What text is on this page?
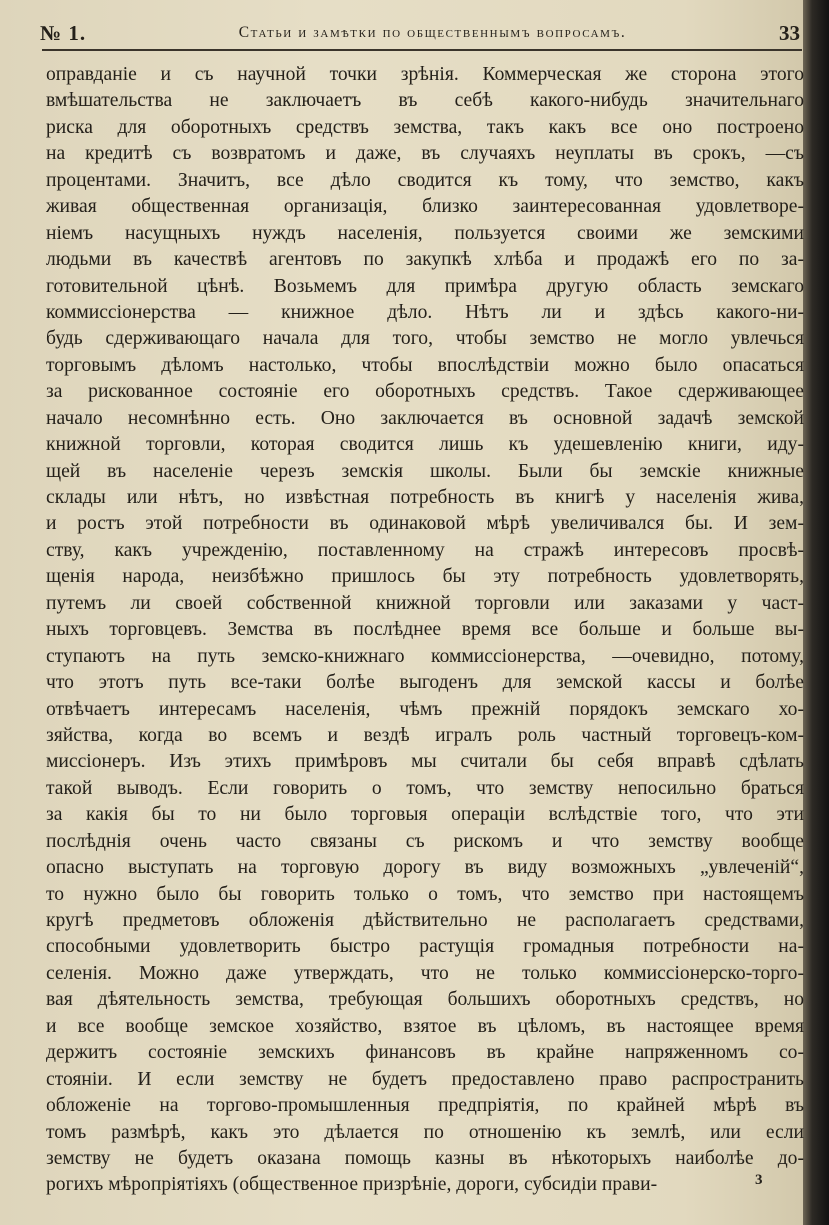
№ 1.	Статьи и замѣтки по общественнымъ вопросамъ.	33
оправданіе и съ научной точки зрѣнія. Коммерческая же сторона этого
вмѣшательства не заключаетъ въ себѣ какого-нибудь значительнаго
риска для оборотныхъ средствъ земства, такъ какъ все оно построено
на кредитѣ съ возвратомъ и даже, въ случаяхъ неуплаты въ срокъ, —съ
процентами. Значитъ, все дѣло сводится къ тому, что земство, какъ
живая общественная организація, близко заинтересованная удовлетворе-
ніемъ насущныхъ нуждъ населенія, пользуется своими же земскими
людьми въ качествѣ агентовъ по закупкѣ хлѣба и продажѣ его по за-
готовительной цѣнѣ. Возьмемъ для примѣра другую область земскаго
коммиссіонерства — книжное дѣло. Нѣтъ ли и здѣсь какого-ни-
будь сдерживающаго начала для того, чтобы земство не могло увлечься
торговымъ дѣломъ настолько, чтобы впослѣдствіи можно было опасаться
за рискованное состояніе его оборотныхъ средствъ. Такое сдерживающее
начало несомнѣнно есть. Оно заключается въ основной задачѣ земской
книжной торговли, которая сводится лишь къ удешевленію книги, иду-
щей въ населеніе черезъ земскія школы. Были бы земскіе книжные
склады или нѣтъ, но извѣстная потребность въ книгѣ у населенія жива,
и ростъ этой потребности въ одинаковой мѣрѣ увеличивался бы. И зем-
ству, какъ учрежденію, поставленному на стражѣ интересовъ просвѣ-
щенія народа, неизбѣжно пришлось бы эту потребность удовлетворять,
путемъ ли своей собственной книжной торговли или заказами у част-
ныхъ торговцевъ. Земства въ послѣднее время все больше и больше вы-
ступаютъ на путь земско-книжнаго коммиссіонерства, —очевидно, потому,
что этотъ путь все-таки болѣе выгоденъ для земской кассы и болѣе
отвѣчаетъ интересамъ населенія, чѣмъ прежній порядокъ земскаго хо-
зяйства, когда во всемъ и вездѣ игралъ роль частный торговецъ-ком-
миссіонеръ. Изъ этихъ примѣровъ мы считали бы себя вправѣ сдѣлать
такой выводъ. Если говорить о томъ, что земству непосильно браться
за какія бы то ни было торговыя операціи вслѣдствіе того, что эти
послѣднія очень часто связаны съ рискомъ и что земству вообще
опасно выступать на торговую дорогу въ виду возможныхъ „увлеченій“,
то нужно было бы говорить только о томъ, что земство при настоящемъ
кругѣ предметовъ обложенія дѣйствительно не располагаетъ средствами,
способными удовлетворить быстро растущія громадныя потребности на-
селенія. Можно даже утверждать, что не только коммиссіонерско-торго-
вая дѣятельность земства, требующая большихъ оборотныхъ средствъ, но
и все вообще земское хозяйство, взятое въ цѣломъ, въ настоящее время
держитъ состояніе земскихъ финансовъ въ крайне напряженномъ со-
стояніи. И если земству не будетъ предоставлено право распространить
обложеніе на торгово-промышленныя предпріятія, по крайней мѣрѣ въ
томъ размѣрѣ, какъ это дѣлается по отношенію къ землѣ, или если
земству не будетъ оказана помощь казны въ нѣкоторыхъ наиболѣе до-
рогихъ мѣропріятіяхъ (общественное призрѣніе, дороги, субсидіи прави-	3
